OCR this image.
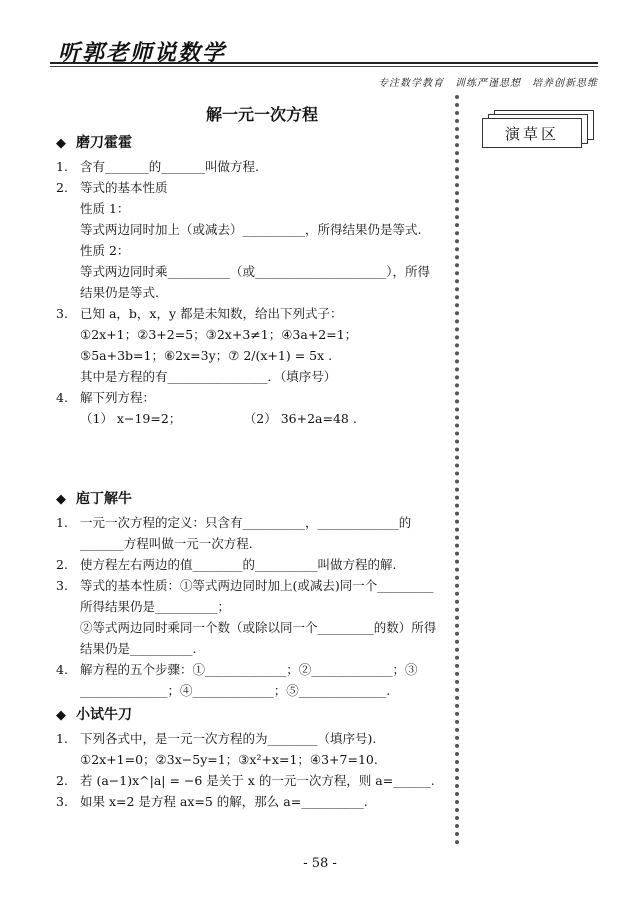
听郭老师说数学
专注数学教育　训练严谨思想　培养创新思维
演草区
解一元一次方程
◆ 磨刀霍霍
1. 含有_______的_______叫做方程.
2. 等式的基本性质
性质 1：
等式两边同时加上（或减去）__________，所得结果仍是等式.
性质 2：
等式两边同时乘__________（或_____________________），所得
结果仍是等式.
3. 已知 a，b，x，y 都是未知数，给出下列式子：
①2x+1；②3+2=5；③2x+3≠1；④3a+2=1；
⑤5a+3b=1；⑥2x=3y；⑦ 2/(x+1) = 5x .
其中是方程的有________________．（填序号）
4. 解下列方程：
（1） x−19=2；　　　　　　（2） 36+2a=48 .
◆ 庖丁解牛
1. 一元一次方程的定义：只含有__________，_____________的
_______方程叫做一元一次方程.
2. 使方程左右两边的值________的__________叫做方程的解.
3. 等式的基本性质：①等式两边同时加上(或减去)同一个_________
所得结果仍是__________；
②等式两边同时乘同一个数（或除以同一个_________的数）所得
结果仍是__________.
4. 解方程的五个步骤：①_____________；②_____________；③
______________；④_____________；⑤______________.
◆ 小试牛刀
1. 下列各式中，是一元一次方程的为________（填序号).
①2x+1=0；②3x−5y=1；③x²+x=1；④3+7=10.
2. 若 (a−1)x^|a| = −6 是关于 x 的一元一次方程，则 a=______.
3. 如果 x=2 是方程 ax=5 的解，那么 a=__________.
- 58 -
